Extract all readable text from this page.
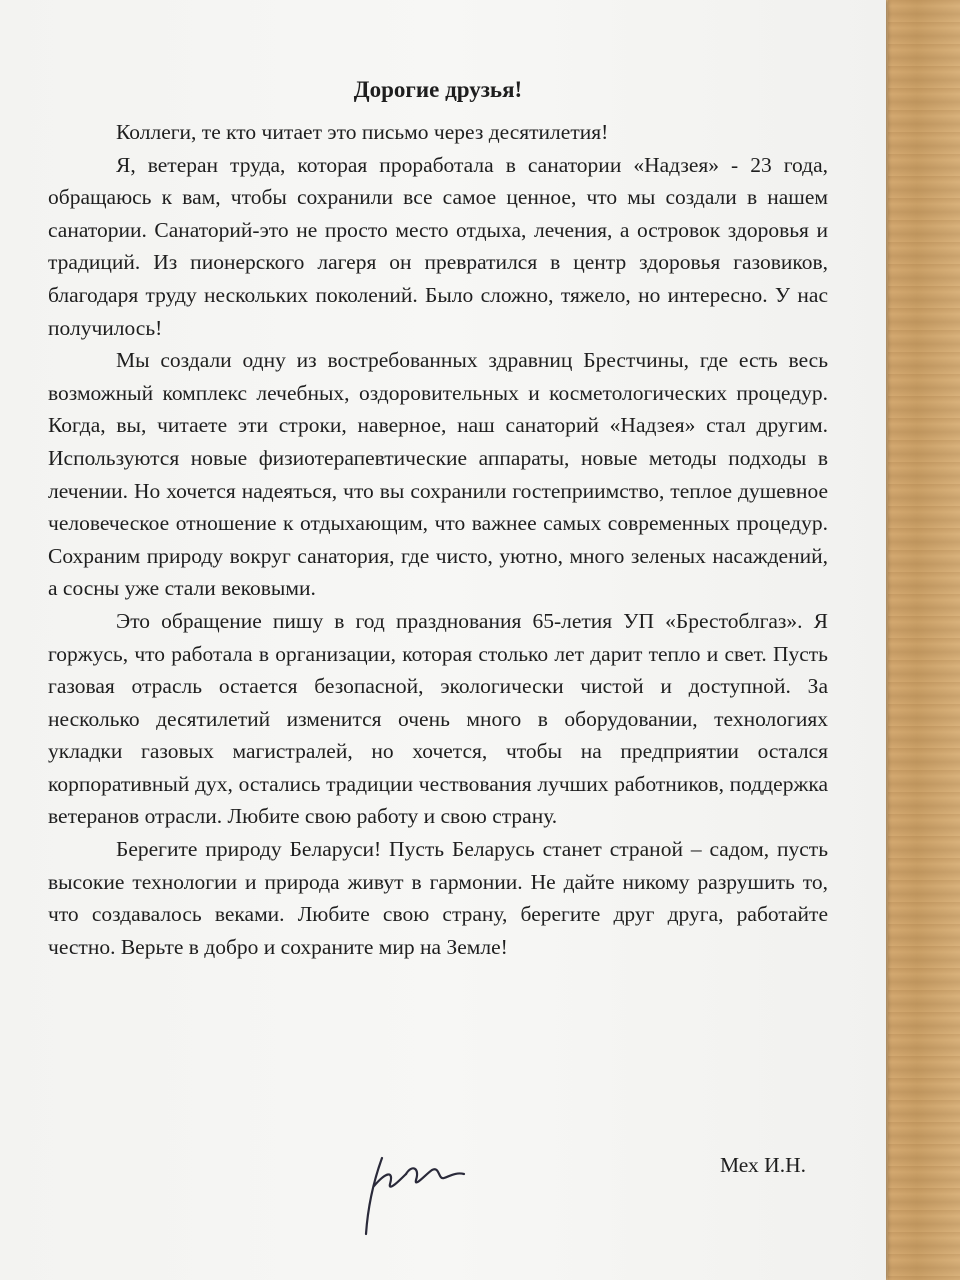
Дорогие друзья!

Коллеги, те кто читает это письмо через десятилетия!

Я, ветеран труда, которая проработала в санатории «Надзея» - 23 года, обращаюсь к вам, чтобы сохранили все самое ценное, что мы создали в нашем санатории. Санаторий-это не просто место отдыха, лечения, а островок здоровья и традиций. Из пионерского лагеря он превратился в центр здоровья газовиков, благодаря труду нескольких поколений. Было сложно, тяжело, но интересно. У нас получилось!

Мы создали одну из востребованных здравниц Брестчины, где есть весь возможный комплекс лечебных, оздоровительных и косметологических процедур. Когда, вы, читаете эти строки, наверное, наш санаторий «Надзея» стал другим. Используются новые физиотерапевтические аппараты, новые методы подходы в лечении. Но хочется надеяться, что вы сохранили гостеприимство, теплое душевное человеческое отношение к отдыхающим, что важнее самых современных процедур. Сохраним природу вокруг санатория, где чисто, уютно, много зеленых насаждений, а сосны уже стали вековыми.

Это обращение пишу в год празднования 65-летия УП «Брестоблгаз». Я горжусь, что работала в организации, которая столько лет дарит тепло и свет. Пусть газовая отрасль остается безопасной, экологически чистой и доступной. За несколько десятилетий изменится очень много в оборудовании, технологиях укладки газовых магистралей, но хочется, чтобы на предприятии остался корпоративный дух, остались традиции чествования лучших работников, поддержка ветеранов отрасли. Любите свою работу и свою страну.

Берегите природу Беларуси! Пусть Беларусь станет страной – садом, пусть высокие технологии и природа живут в гармонии. Не дайте никому разрушить то, что создавалось веками. Любите свою страну, берегите друг друга, работайте честно. Верьте в добро и сохраните мир на Земле!

Мех И.Н.
